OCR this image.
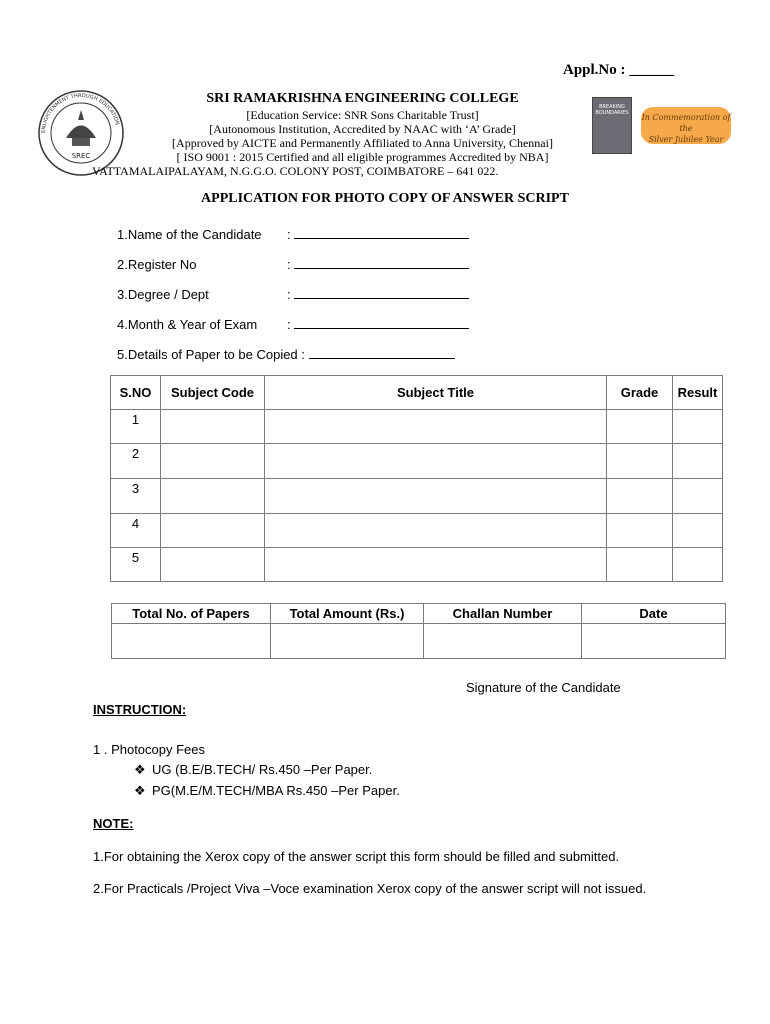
Appl.No : ______
SREC
ENLIGHTENMENT THROUGH EDUCATION
SRI RAMAKRISHNA ENGINEERING COLLEGE
[Education Service: SNR Sons Charitable Trust]
[Autonomous Institution, Accredited by NAAC with ‘A’ Grade]
[Approved by AICTE and Permanently Affiliated to Anna University, Chennai]
[ ISO 9001 : 2015 Certified and all eligible programmes Accredited by NBA]
VATTAMALAIPALAYAM, N.G.G.O. COLONY POST, COIMBATORE – 641 022.
BREAKING
BOUNDARIES In Commemoration of the
Silver Jubilee Year
APPLICATION FOR PHOTO COPY OF ANSWER SCRIPT
1.Name of the Candidate :
2.Register No	:
3.Degree / Dept	:
4.Month & Year of Exam :
5.Details of Paper to be Copied :
S.NO	Subject Code	Subject Title	Grade	Result
1				
2				
3				
4				
5				
Total No. of Papers	Total Amount (Rs.)	Challan Number	Date

Signature of the Candidate
INSTRUCTION:
1 . Photocopy Fees
❖ UG (B.E/B.TECH/ Rs.450 –Per Paper.
❖ PG(M.E/M.TECH/MBA Rs.450 –Per Paper.
NOTE:
1.For obtaining the Xerox copy of the answer script this form should be filled and submitted.
2.For Practicals /Project Viva –Voce examination Xerox copy of the answer script will not issued.
